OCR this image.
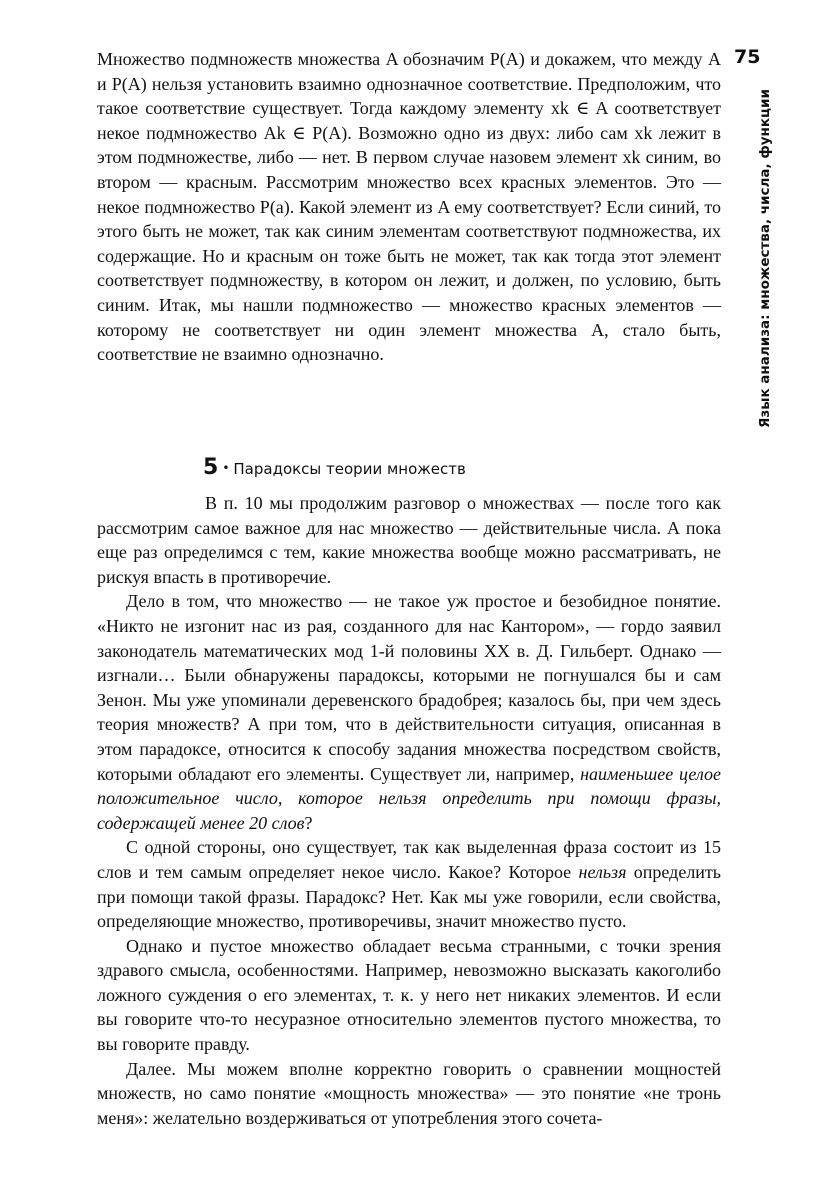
75
Язык анализа: множества, числа, функции

Множество подмножеств множества A обозначим P(A) и докажем, что между A и P(A) нельзя установить взаимно однозначное соответствие. Предположим, что такое соответствие существует. Тогда каждому элементу xk ∈ A соответствует некое подмножество Ak ∈ P(A). Возможно одно из двух: либо сам xk лежит в этом подмножестве, либо — нет. В первом случае назовем элемент xk синим, во втором — красным. Рассмотрим множество всех красных элементов. Это — некое подмножество P(a). Какой элемент из A ему соответствует? Если синий, то этого быть не может, так как синим элементам соответствуют подмножества, их содержащие. Но и красным он тоже быть не может, так как тогда этот элемент соответствует подмножеству, в котором он лежит, и должен, по условию, быть синим. Итак, мы нашли подмножество — множество красных элементов — которому не соответствует ни один элемент множества A, стало быть, соответствие не взаимно однозначно.

5 • Парадоксы теории множеств

В п. 10 мы продолжим разговор о множествах — после того как рассмотрим самое важное для нас множество — действительные числа. А пока еще раз определимся с тем, какие множества вообще можно рассматривать, не рискуя впасть в противоречие.

Дело в том, что множество — не такое уж простое и безобидное понятие. «Никто не изгонит нас из рая, созданного для нас Кантором», — гордо заявил законодатель математических мод 1-й половины XX в. Д. Гильберт. Однако — изгнали… Были обнаружены парадоксы, которыми не погнушался бы и сам Зенон. Мы уже упоминали деревенского брадобрея; казалось бы, при чем здесь теория множеств? А при том, что в действительности ситуация, описанная в этом парадоксе, относится к способу задания множества посредством свойств, которыми обладают его элементы. Существует ли, например, наименьшее целое положительное число, которое нельзя определить при помощи фразы, содержащей менее 20 слов?

С одной стороны, оно существует, так как выделенная фраза состоит из 15 слов и тем самым определяет некое число. Какое? Которое нельзя определить при помощи такой фразы. Парадокс? Нет. Как мы уже говорили, если свойства, определяющие множество, противоречивы, значит множество пусто.

Однако и пустое множество обладает весьма странными, с точки зрения здравого смысла, особенностями. Например, невозможно высказать какоголибо ложного суждения о его элементах, т. к. у него нет никаких элементов. И если вы говорите что-то несуразное относительно элементов пустого множества, то вы говорите правду.

Далее. Мы можем вполне корректно говорить о сравнении мощностей множеств, но само понятие «мощность множества» — это понятие «не тронь меня»: желательно воздерживаться от употребления этого сочета-
